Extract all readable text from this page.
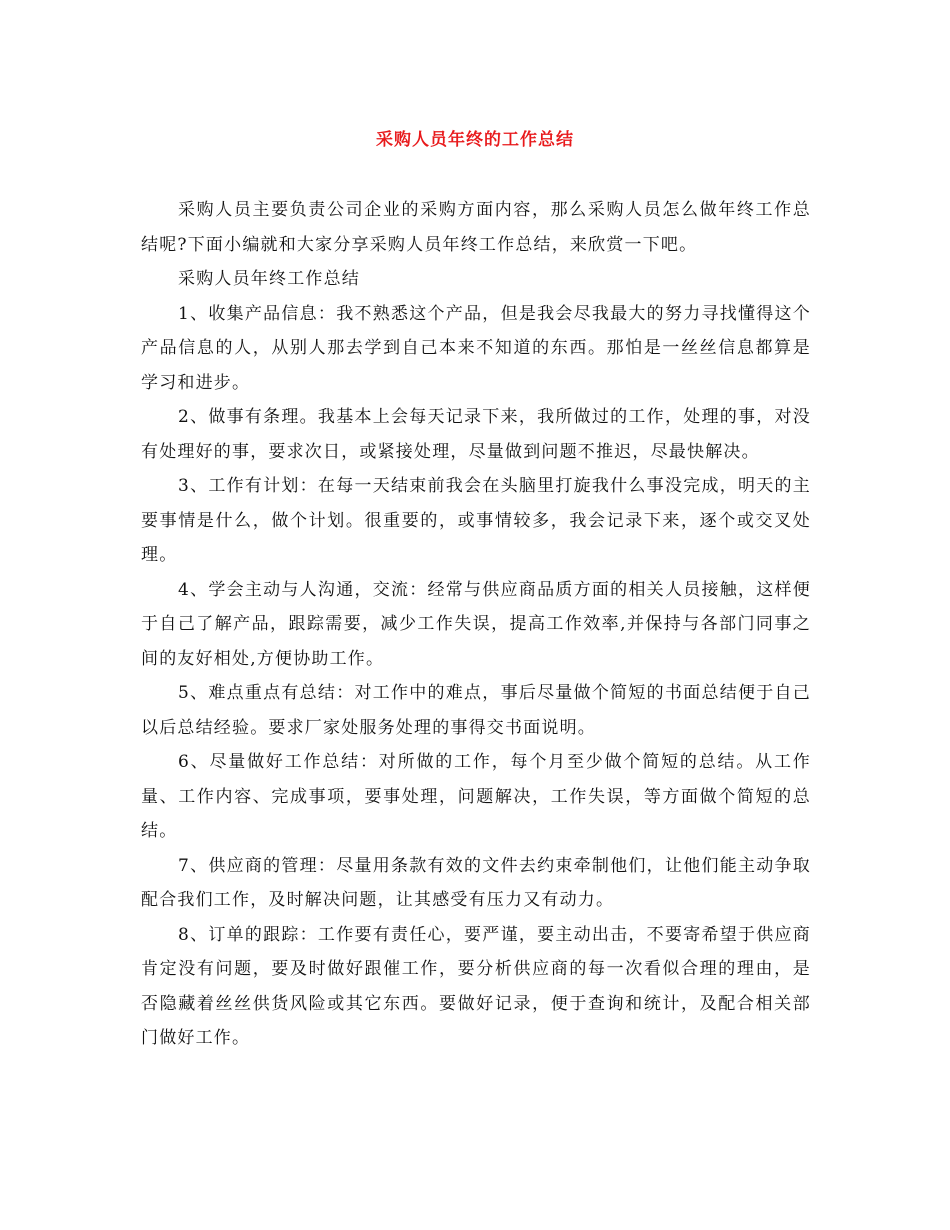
采购人员年终的工作总结

采购人员主要负责公司企业的采购方面内容，那么采购人员怎么做年终工作总结呢?下面小编就和大家分享采购人员年终工作总结，来欣赏一下吧。

采购人员年终工作总结

1、收集产品信息：我不熟悉这个产品，但是我会尽我最大的努力寻找懂得这个产品信息的人，从别人那去学到自己本来不知道的东西。那怕是一丝丝信息都算是学习和进步。

2、做事有条理。我基本上会每天记录下来，我所做过的工作，处理的事，对没有处理好的事，要求次日，或紧接处理，尽量做到问题不推迟，尽最快解决。

3、工作有计划：在每一天结束前我会在头脑里打旋我什么事没完成，明天的主要事情是什么，做个计划。很重要的，或事情较多，我会记录下来，逐个或交叉处理。

4、学会主动与人沟通，交流：经常与供应商品质方面的相关人员接触，这样便于自己了解产品，跟踪需要，减少工作失误，提高工作效率,并保持与各部门同事之间的友好相处,方便协助工作。

5、难点重点有总结：对工作中的难点，事后尽量做个简短的书面总结便于自己以后总结经验。要求厂家处服务处理的事得交书面说明。

6、尽量做好工作总结：对所做的工作，每个月至少做个简短的总结。从工作量、工作内容、完成事项，要事处理，问题解决，工作失误，等方面做个简短的总结。

7、供应商的管理：尽量用条款有效的文件去约束牵制他们，让他们能主动争取配合我们工作，及时解决问题，让其感受有压力又有动力。

8、订单的跟踪：工作要有责任心，要严谨，要主动出击，不要寄希望于供应商肯定没有问题，要及时做好跟催工作，要分析供应商的每一次看似合理的理由，是否隐藏着丝丝供货风险或其它东西。要做好记录，便于查询和统计，及配合相关部门做好工作。
